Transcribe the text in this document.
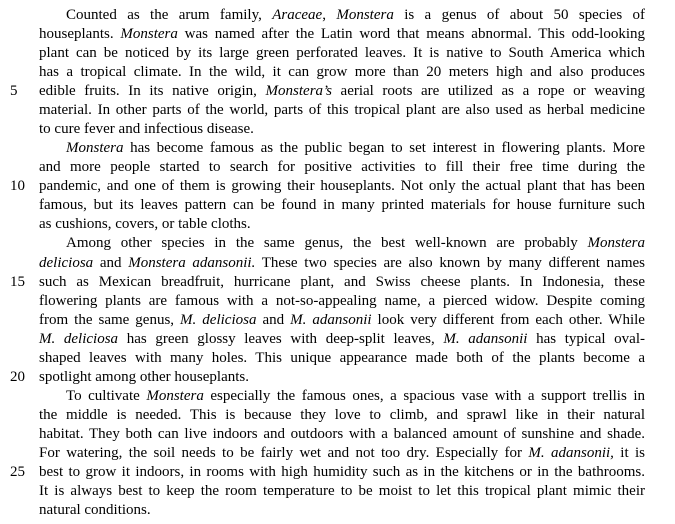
Counted as the arum family, Araceae, Monstera is a genus of about 50 species of
houseplants. Monstera was named after the Latin word that means abnormal. This odd-looking
plant can be noticed by its large green perforated leaves. It is native to South America which
has a tropical climate. In the wild, it can grow more than 20 meters high and also produces
edible fruits. In its native origin, Monstera’s aerial roots are utilized as a rope or weaving
material. In other parts of the world, parts of this tropical plant are also used as herbal medicine
to cure fever and infectious disease.
Monstera has become famous as the public began to set interest in flowering plants. More
and more people started to search for positive activities to fill their free time during the
pandemic, and one of them is growing their houseplants. Not only the actual plant that has been
famous, but its leaves pattern can be found in many printed materials for house furniture such
as cushions, covers, or table cloths.
Among other species in the same genus, the best well-known are probably Monstera
deliciosa and Monstera adansonii. These two species are also known by many different names
such as Mexican breadfruit, hurricane plant, and Swiss cheese plants. In Indonesia, these
flowering plants are famous with a not-so-appealing name, a pierced widow. Despite coming
from the same genus, M. deliciosa and M. adansonii look very different from each other. While
M. deliciosa has green glossy leaves with deep-split leaves, M. adansonii has typical oval-
shaped leaves with many holes. This unique appearance made both of the plants become a
spotlight among other houseplants.
To cultivate Monstera especially the famous ones, a spacious vase with a support trellis in
the middle is needed. This is because they love to climb, and sprawl like in their natural
habitat. They both can live indoors and outdoors with a balanced amount of sunshine and shade.
For watering, the soil needs to be fairly wet and not too dry. Especially for M. adansonii, it is
best to grow it indoors, in rooms with high humidity such as in the kitchens or in the bathrooms.
It is always best to keep the room temperature to be moist to let this tropical plant mimic their
natural conditions.
5
10
15
20
25
